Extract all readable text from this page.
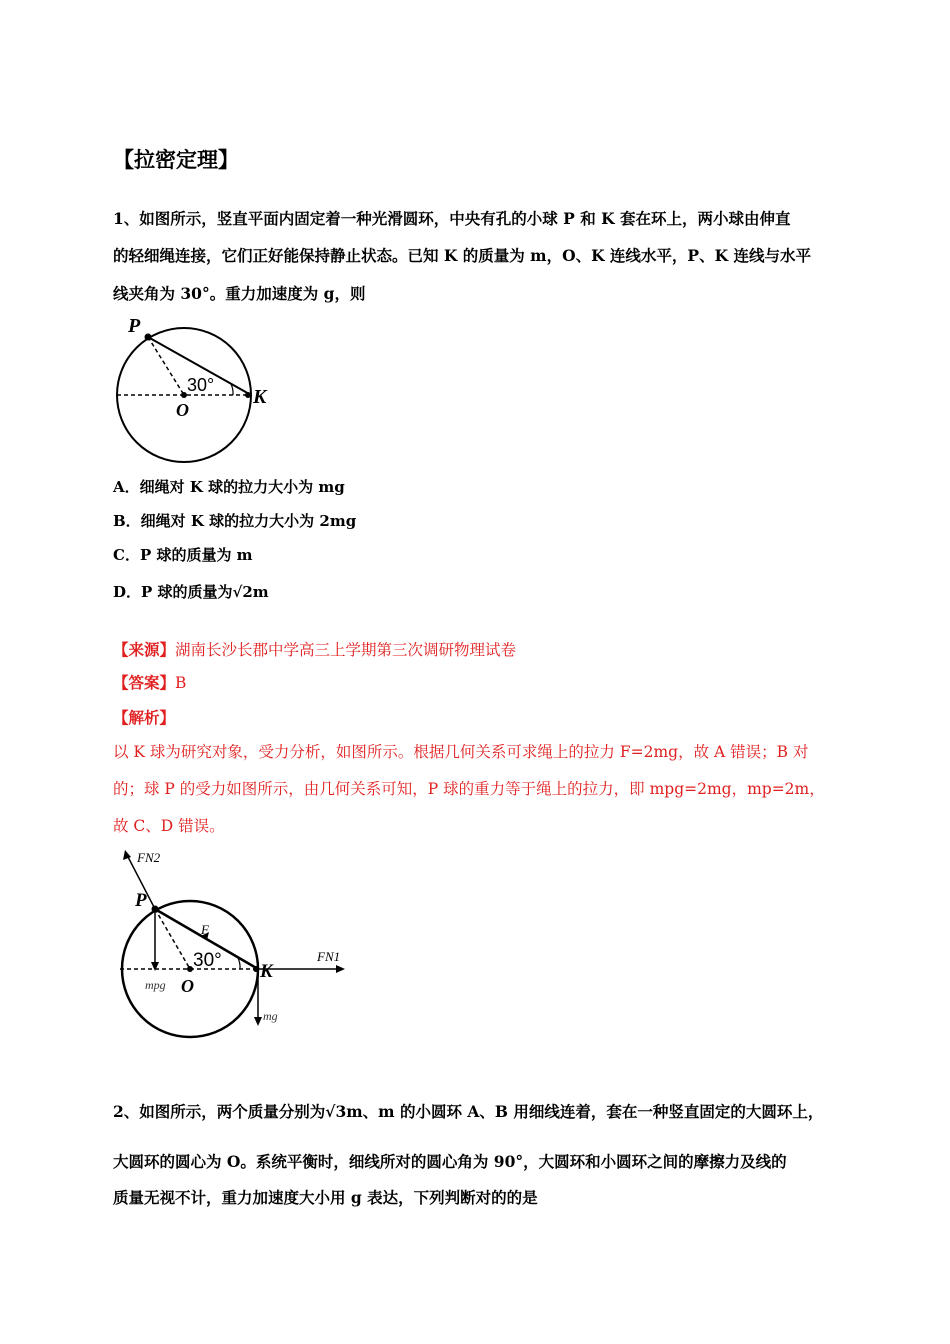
【拉密定理】
1、如图所示，竖直平面内固定着一种光滑圆环，中央有孔的小球 P 和 K 套在环上，两小球由伸直
的轻细绳连接，它们正好能保持静止状态。已知 K 的质量为 m，O、K 连线水平，P、K 连线与水平
线夹角为 30°。重力加速度为 g，则
P
O
K
30°
A．细绳对 K 球的拉力大小为 mg
B．细绳对 K 球的拉力大小为 2mg
C．P 球的质量为 m
D．P 球的质量为√2m
【来源】湖南长沙长郡中学高三上学期第三次调研物理试卷
【答案】B
【解析】
以 K 球为研究对象，受力分析，如图所示。根据几何关系可求绳上的拉力 F=2mg，故 A 错误；B 对
的；球 P 的受力如图所示，由几何关系可知，P 球的重力等于绳上的拉力，即 mpg=2mg，mp=2m，
故 C、D 错误。
FN2
P
F
30°
K
FN1
mpg O
mg
2、如图所示，两个质量分别为√3m、m 的小圆环 A、B 用细线连着，套在一种竖直固定的大圆环上，
大圆环的圆心为 O。系统平衡时，细线所对的圆心角为 90°，大圆环和小圆环之间的摩擦力及线的
质量无视不计，重力加速度大小用 g 表达，下列判断对的的是
